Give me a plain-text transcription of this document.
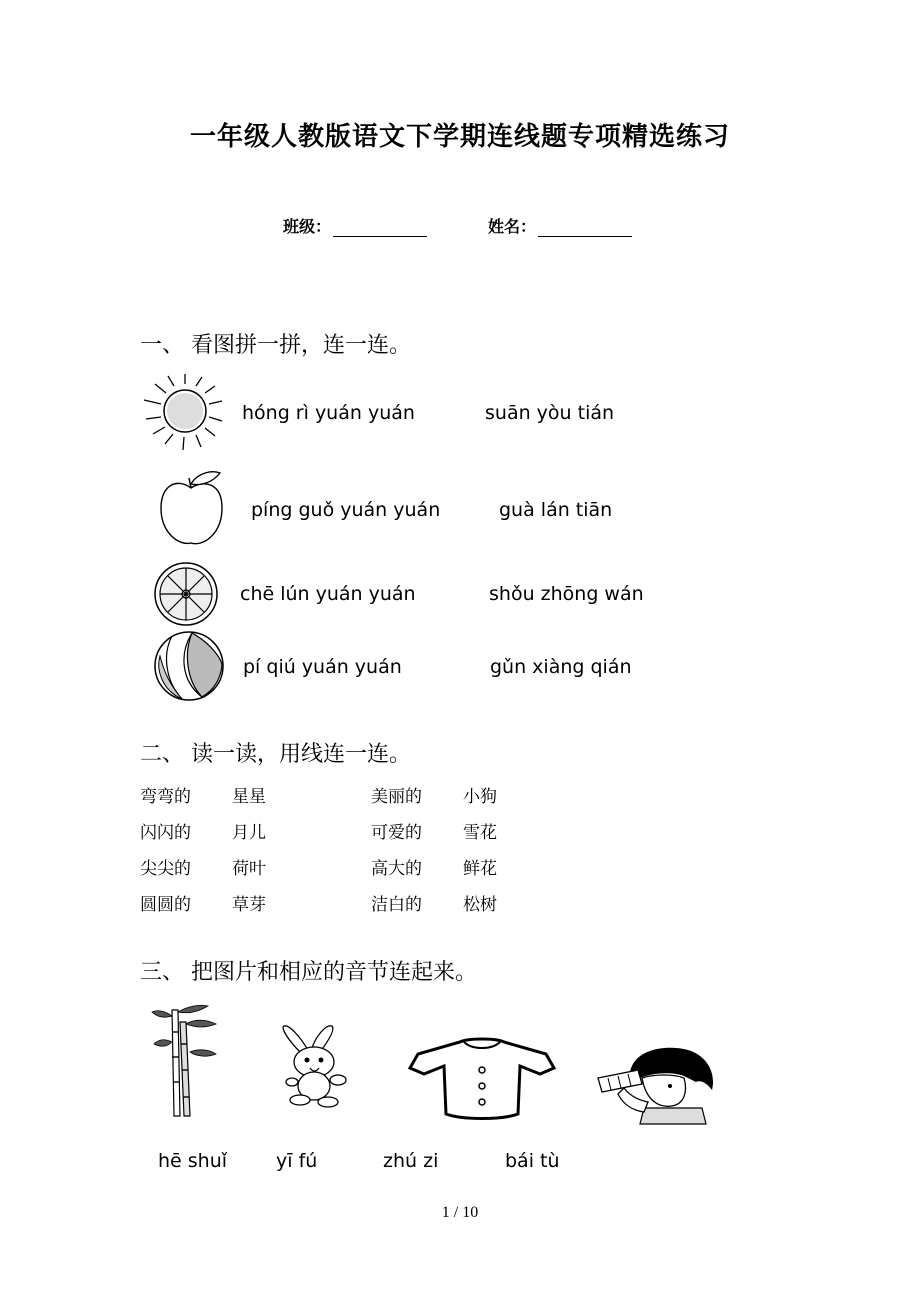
一年级人教版语文下学期连线题专项精选练习
班级：	姓名：
一、 看图拼一拼，连一连。
hóng rì yuán yuán	suān yòu tián
píng guǒ yuán yuán	guà lán tiān
chē lún yuán yuán	shǒu zhōng wán
pí qiú yuán yuán	gǔn xiàng qián
二、 读一读，用线连一连。
弯弯的 星星	美丽的 小狗
闪闪的 月儿	可爱的 雪花
尖尖的 荷叶	高大的 鲜花
圆圆的 草芽	洁白的 松树
三、 把图片和相应的音节连起来。
hē shuǐ	yī fú	zhú zi	bái tù
1 / 10
